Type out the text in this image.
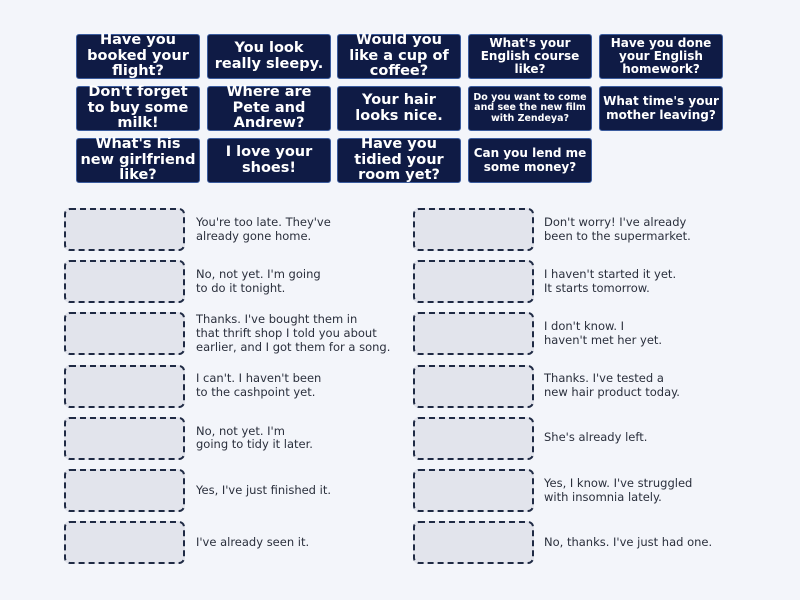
Have you booked your flight?
You look really sleepy.
Would you like a cup of coffee?
What's your English course like?
Have you done your English homework?
Don't forget to buy some milk!
Where are Pete and Andrew?
Your hair looks nice.
Do you want to come and see the new film with Zendeya?
What time's your mother leaving?
What's his new girlfriend like?
I love your shoes!
Have you tidied your room yet?
Can you lend me some money?
You're too late. They've
already gone home.
No, not yet. I'm going
to do it tonight.
Thanks. I've bought them in
that thrift shop I told you about
earlier, and I got them for a song.
I can't. I haven't been
to the cashpoint yet.
No, not yet. I'm
going to tidy it later.
Yes, I've just finished it.
I've already seen it.
Don't worry! I've already
been to the supermarket.
I haven't started it yet.
It starts tomorrow.
I don't know. I
haven't met her yet.
Thanks. I've tested a
new hair product today.
She's already left.
Yes, I know. I've struggled
with insomnia lately.
No, thanks. I've just had one.
